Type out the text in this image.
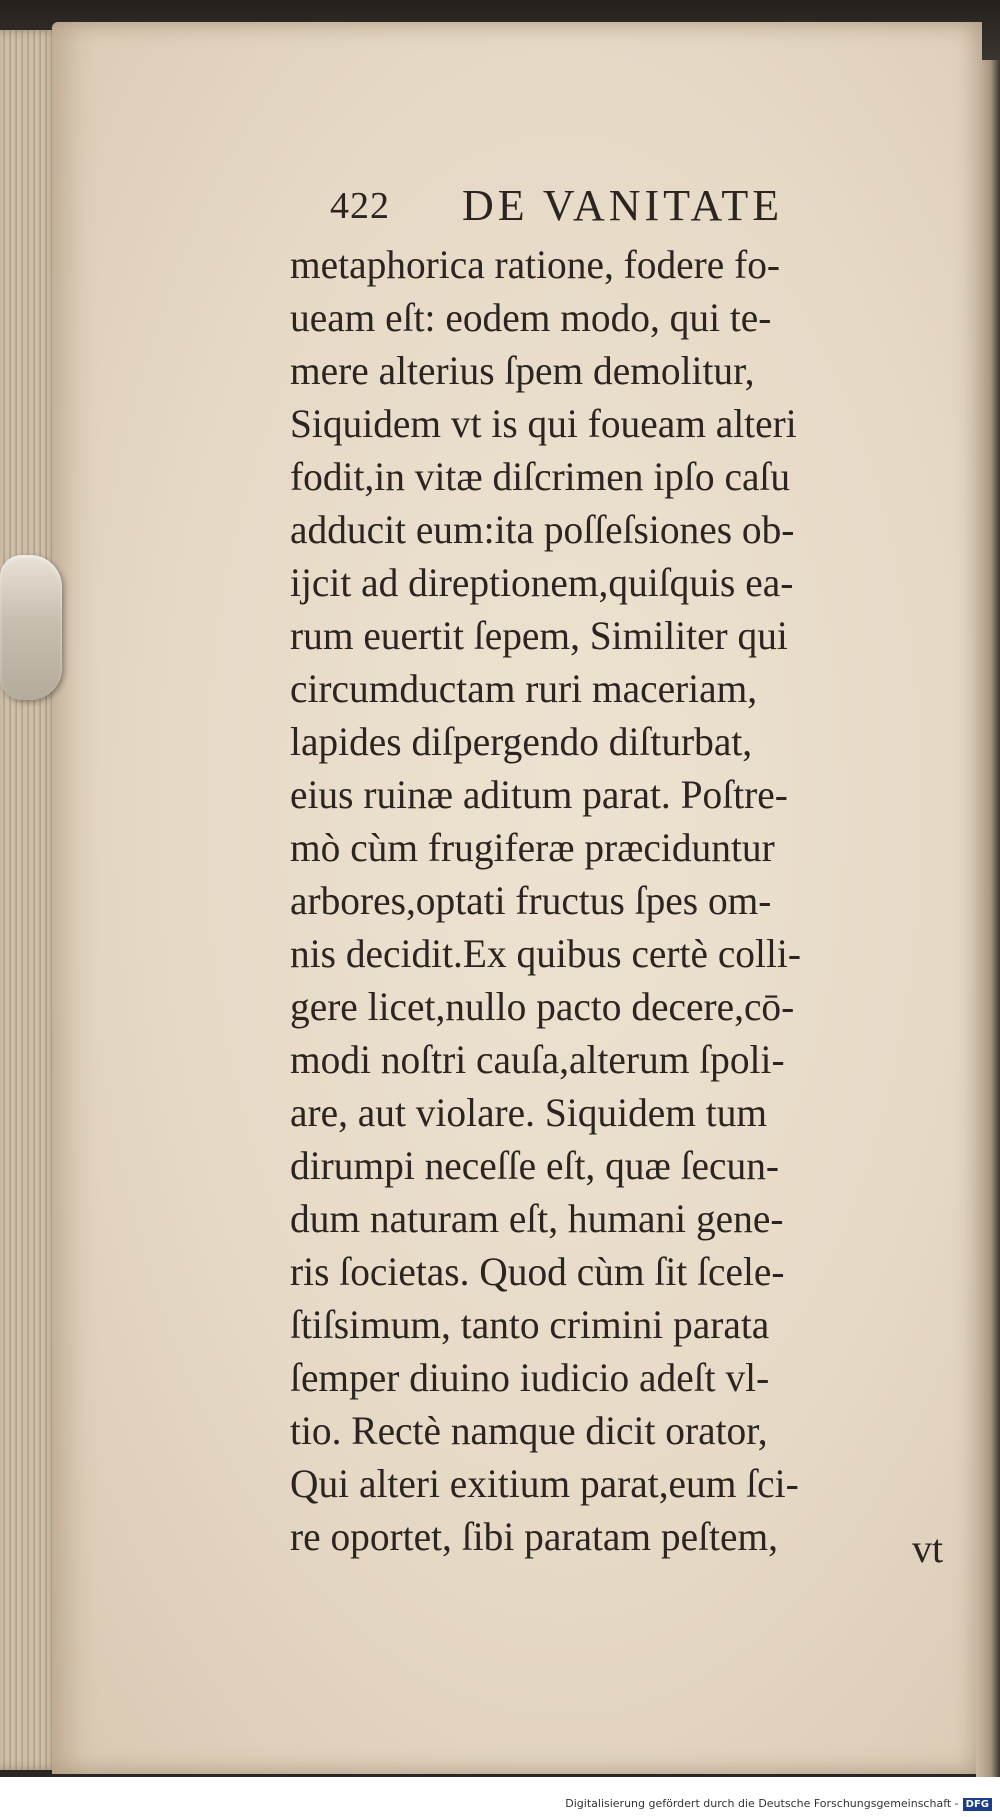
422 DE VANITATE
metaphorica ratione, fodere fo-
ueam eſt: eodem modo, qui te-
mere alterius ſpem demolitur,
Siquidem vt is qui foueam alteri
fodit,in vitæ diſcrimen ipſo caſu
adducit eum:ita poſſeſsiones ob-
ijcit ad direptionem,quiſquis ea-
rum euertit ſepem, Similiter qui
circumductam ruri maceriam,
lapides diſpergendo diſturbat,
eius ruinæ aditum parat. Poſtre-
mò cùm frugiferæ præciduntur
arbores,optati fructus ſpes om-
nis decidit.Ex quibus certè colli-
gere licet,nullo pacto decere,cō-
modi noſtri cauſa,alterum ſpoli-
are, aut violare. Siquidem tum
dirumpi neceſſe eſt, quæ ſecun-
dum naturam eſt, humani gene-
ris ſocietas. Quod cùm ſit ſcele-
ſtiſsimum, tanto crimini parata
ſemper diuino iudicio adeſt vl-
tio. Rectè namque dicit orator,
Qui alteri exitium parat,eum ſci-
re oportet, ſibi paratam peſtem,	vt
Digitalisierung gefördert durch die Deutsche Forschungsgemeinschaft - DFG
